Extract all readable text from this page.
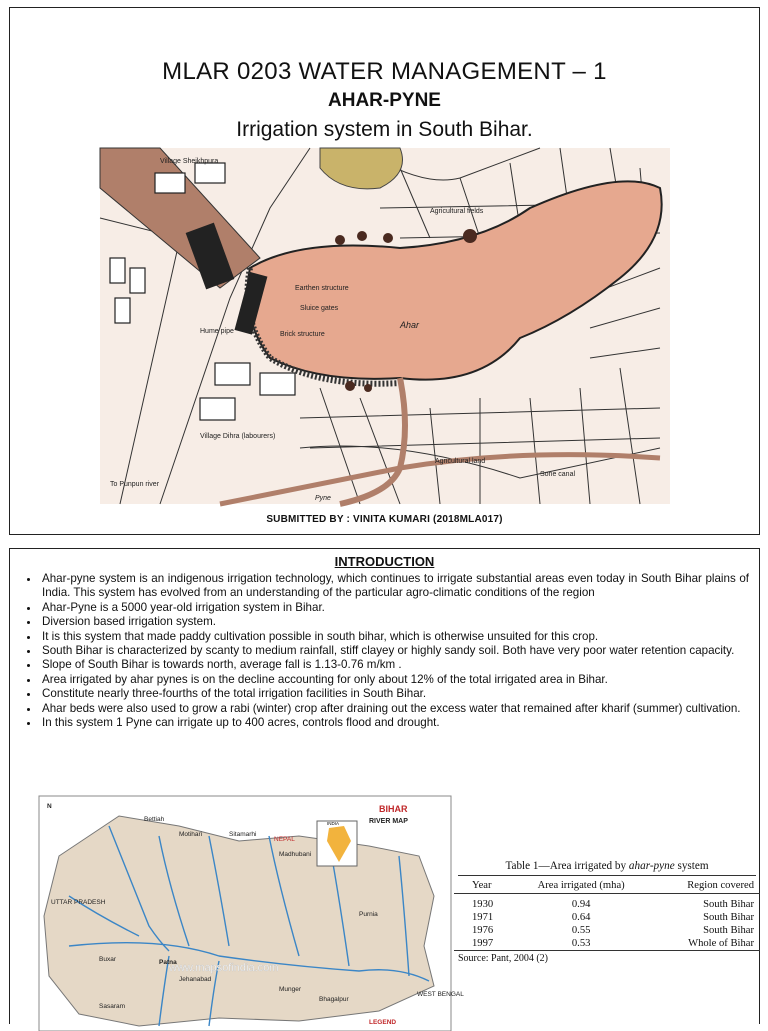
MLAR 0203 WATER MANAGEMENT – 1
AHAR-PYNE
Irrigation system in South Bihar.
Village Sheikhpura
Agricultural fields
Earthen structure
Sluice gates
Brick structure
Ahar
Hume pipe
Village Dihra (labourers)
Agricultural land
Sone canal
To Punpun river
Pyne
SUBMITTED BY : VINITA KUMARI (2018MLA017)
INTRODUCTION
• Ahar-pyne system is an indigenous irrigation technology, which continues to irrigate substantial areas even today in South Bihar plains of India. This system has evolved from an understanding of the particular agro-climatic conditions of the region
• Ahar-Pyne is a 5000 year-old irrigation system in Bihar.
• Diversion based irrigation system.
• It is this system that made paddy cultivation possible in south bihar, which is otherwise unsuited for this crop.
• South Bihar is characterized by scanty to medium rainfall, stiff clayey or highly sandy soil. Both have very poor water retention capacity.
• Slope of South Bihar is towards north, average fall is 1.13-0.76 m/km .
• Area irrigated by ahar pynes is on the decline accounting for only about 12% of the total irrigated area in Bihar.
• Constitute nearly three-fourths of the total irrigation facilities in South Bihar.
• Ahar beds were also used to grow a rabi (winter) crop after draining out the excess water that remained after kharif (summer) cultivation.
• In this system 1 Pyne can irrigate up to 400 acres, controls flood and drought.
N	BIHAR
RIVER MAP
NEPAL
UTTAR PRADESH
WEST BENGAL
LEGEND
www.mapsofindia.com
Patna
Bettiah
Motihari	Sitamarhi
Madhubani
Purnia
Bhagalpur
Munger
Buxar
Jehanabad
Sasaram
INDIA
Table 1—Area irrigated by ahar-pyne system
Year	Area irrigated (mha)	Region covered
1930	0.94	South Bihar
1971	0.64	South Bihar
1976	0.55	South Bihar
1997	0.53	Whole of Bihar
Source: Pant, 2004 (2)
